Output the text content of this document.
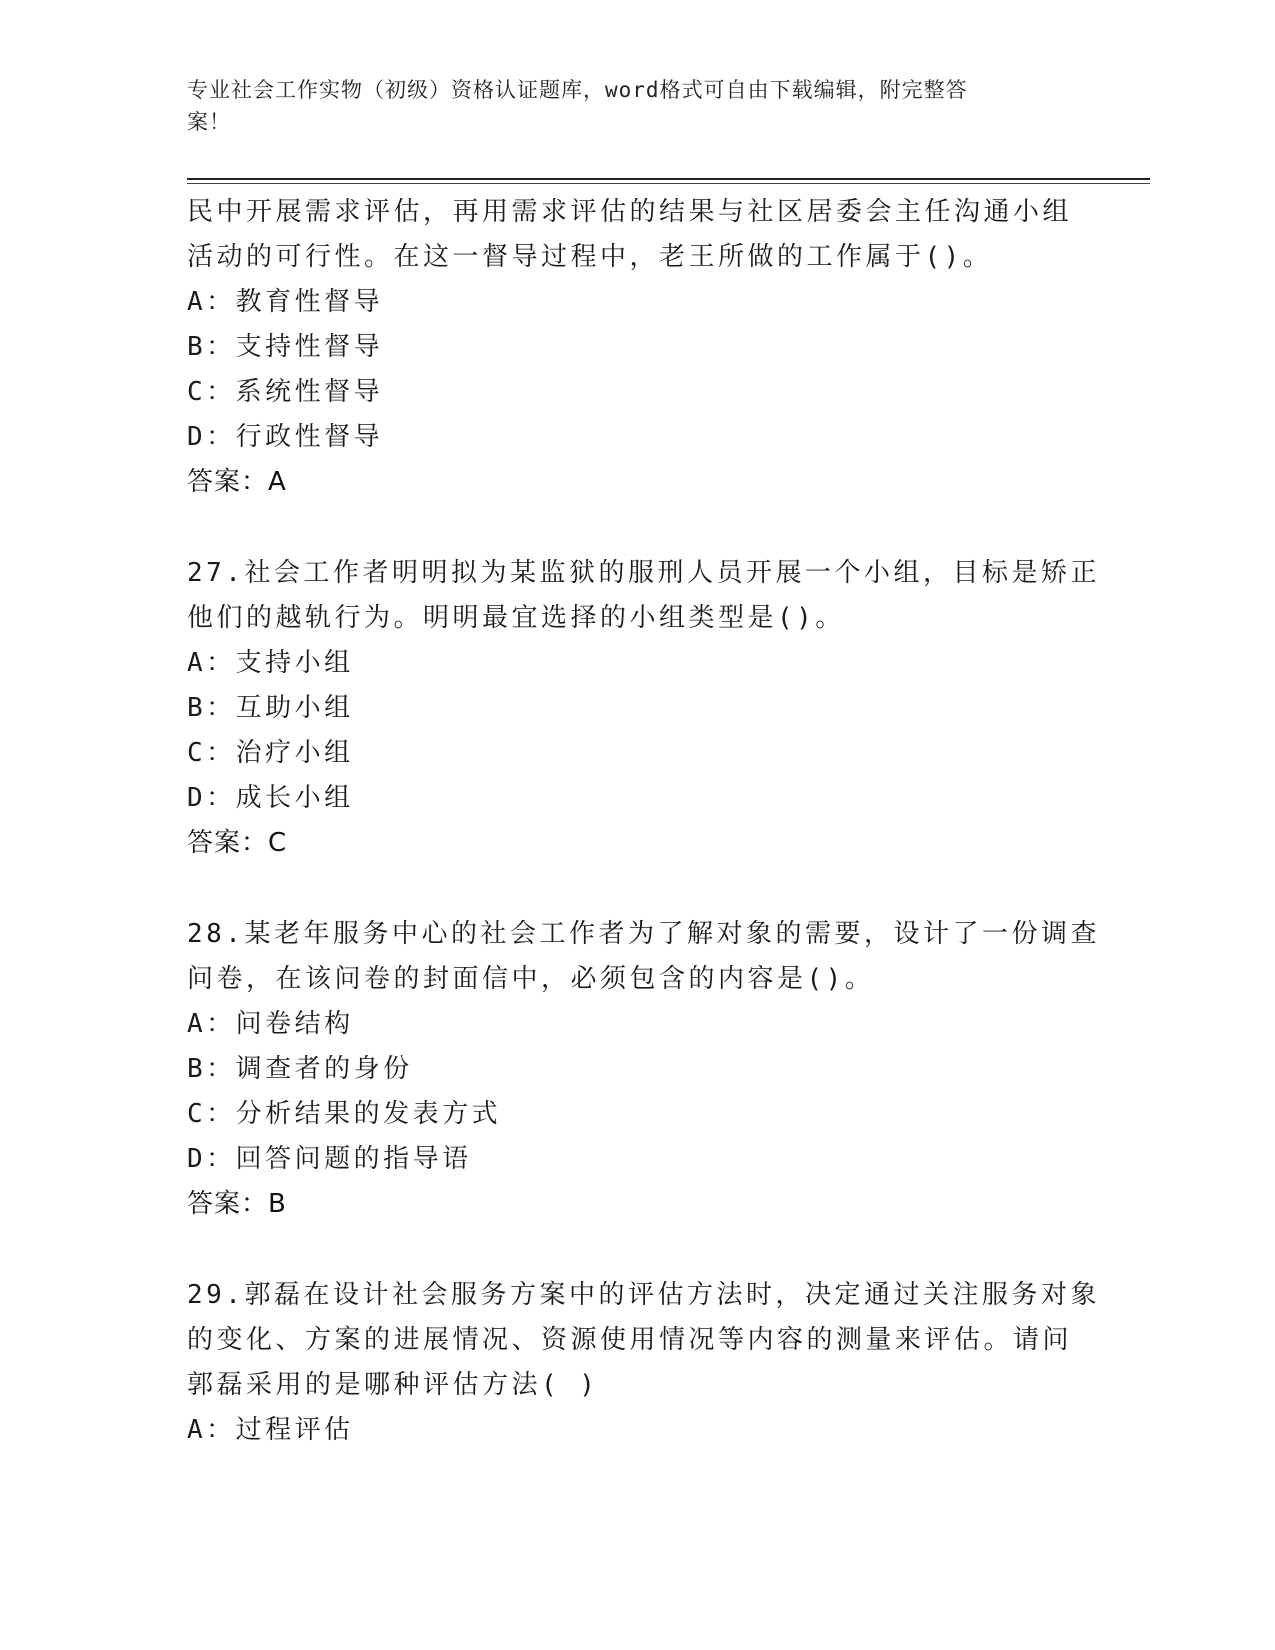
专业社会工作实物（初级）资格认证题库，word格式可自由下载编辑，附完整答
案！
民中开展需求评估，再用需求评估的结果与社区居委会主任沟通小组
活动的可行性。在这一督导过程中，老王所做的工作属于()。
A：教育性督导
B：支持性督导
C：系统性督导
D：行政性督导
答案：A
27.社会工作者明明拟为某监狱的服刑人员开展一个小组，目标是矫正
他们的越轨行为。明明最宜选择的小组类型是()。
A：支持小组
B：互助小组
C：治疗小组
D：成长小组
答案：C
28.某老年服务中心的社会工作者为了解对象的需要，设计了一份调查
问卷，在该问卷的封面信中，必须包含的内容是()。
A：问卷结构
B：调查者的身份
C：分析结果的发表方式
D：回答问题的指导语
答案：B
29.郭磊在设计社会服务方案中的评估方法时，决定通过关注服务对象
的变化、方案的进展情况、资源使用情况等内容的测量来评估。请问
郭磊采用的是哪种评估方法( )
A：过程评估
